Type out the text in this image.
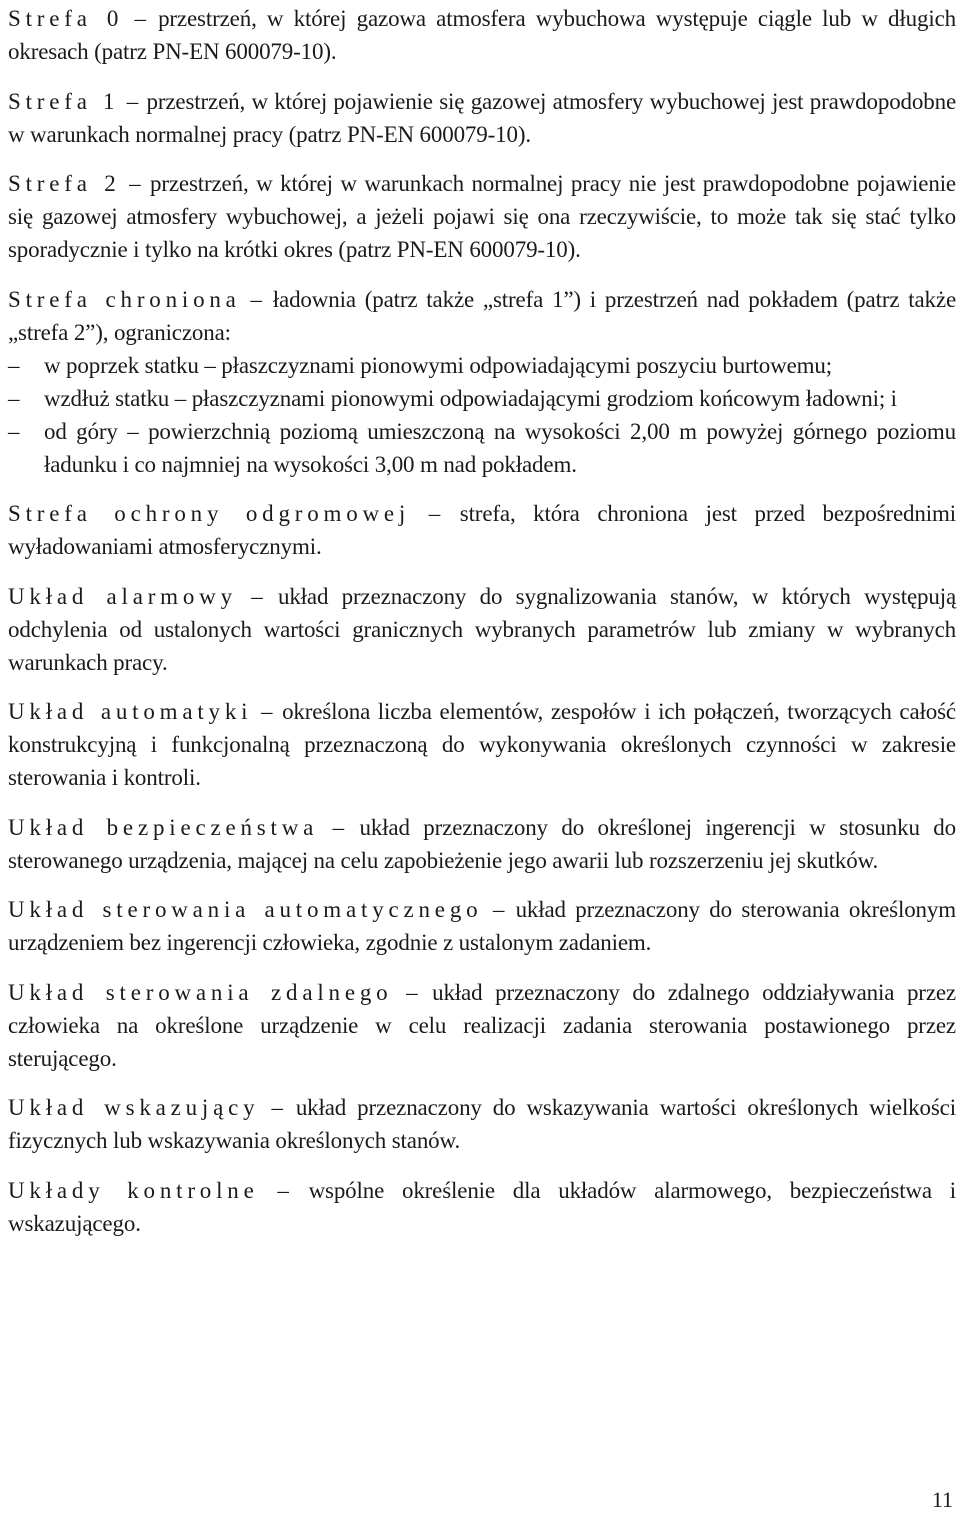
Strefa 0 – przestrzeń, w której gazowa atmosfera wybuchowa występuje ciągle lub w długich okresach (patrz PN-EN 600079-10).

Strefa 1 – przestrzeń, w której pojawienie się gazowej atmosfery wybuchowej jest prawdopodobne w warunkach normalnej pracy (patrz PN-EN 600079-10).

Strefa 2 – przestrzeń, w której w warunkach normalnej pracy nie jest prawdopodobne pojawienie się gazowej atmosfery wybuchowej, a jeżeli pojawi się ona rzeczywiście, to może tak się stać tylko sporadycznie i tylko na krótki okres (patrz PN-EN 600079-10).

Strefa chroniona – ładownia (patrz także „strefa 1”) i przestrzeń nad pokładem (patrz także „strefa 2”), ograniczona:
– w poprzek statku – płaszczyznami pionowymi odpowiadającymi poszyciu burtowemu;
– wzdłuż statku – płaszczyznami pionowymi odpowiadającymi grodziom końcowym ładowni; i
– od góry – powierzchnią poziomą umieszczoną na wysokości 2,00 m powyżej górnego poziomu ładunku i co najmniej na wysokości 3,00 m nad pokładem.

Strefa ochrony odgromowej – strefa, która chroniona jest przed bezpośrednimi wyładowaniami atmosferycznymi.

Układ alarmowy – układ przeznaczony do sygnalizowania stanów, w których występują odchylenia od ustalonych wartości granicznych wybranych parametrów lub zmiany w wybranych warunkach pracy.

Układ automatyki – określona liczba elementów, zespołów i ich połączeń, tworzących całość konstrukcyjną i funkcjonalną przeznaczoną do wykonywania określonych czynności w zakresie sterowania i kontroli.

Układ bezpieczeństwa – układ przeznaczony do określonej ingerencji w stosunku do sterowanego urządzenia, mającej na celu zapobieżenie jego awarii lub rozszerzeniu jej skutków.

Układ sterowania automatycznego – układ przeznaczony do sterowania określonym urządzeniem bez ingerencji człowieka, zgodnie z ustalonym zadaniem.

Układ sterowania zdalnego – układ przeznaczony do zdalnego oddziaływania przez człowieka na określone urządzenie w celu realizacji zadania sterowania postawionego przez sterującego.

Układ wskazujący – układ przeznaczony do wskazywania wartości określonych wielkości fizycznych lub wskazywania określonych stanów.

Układy kontrolne – wspólne określenie dla układów alarmowego, bezpieczeństwa i wskazującego.

11
